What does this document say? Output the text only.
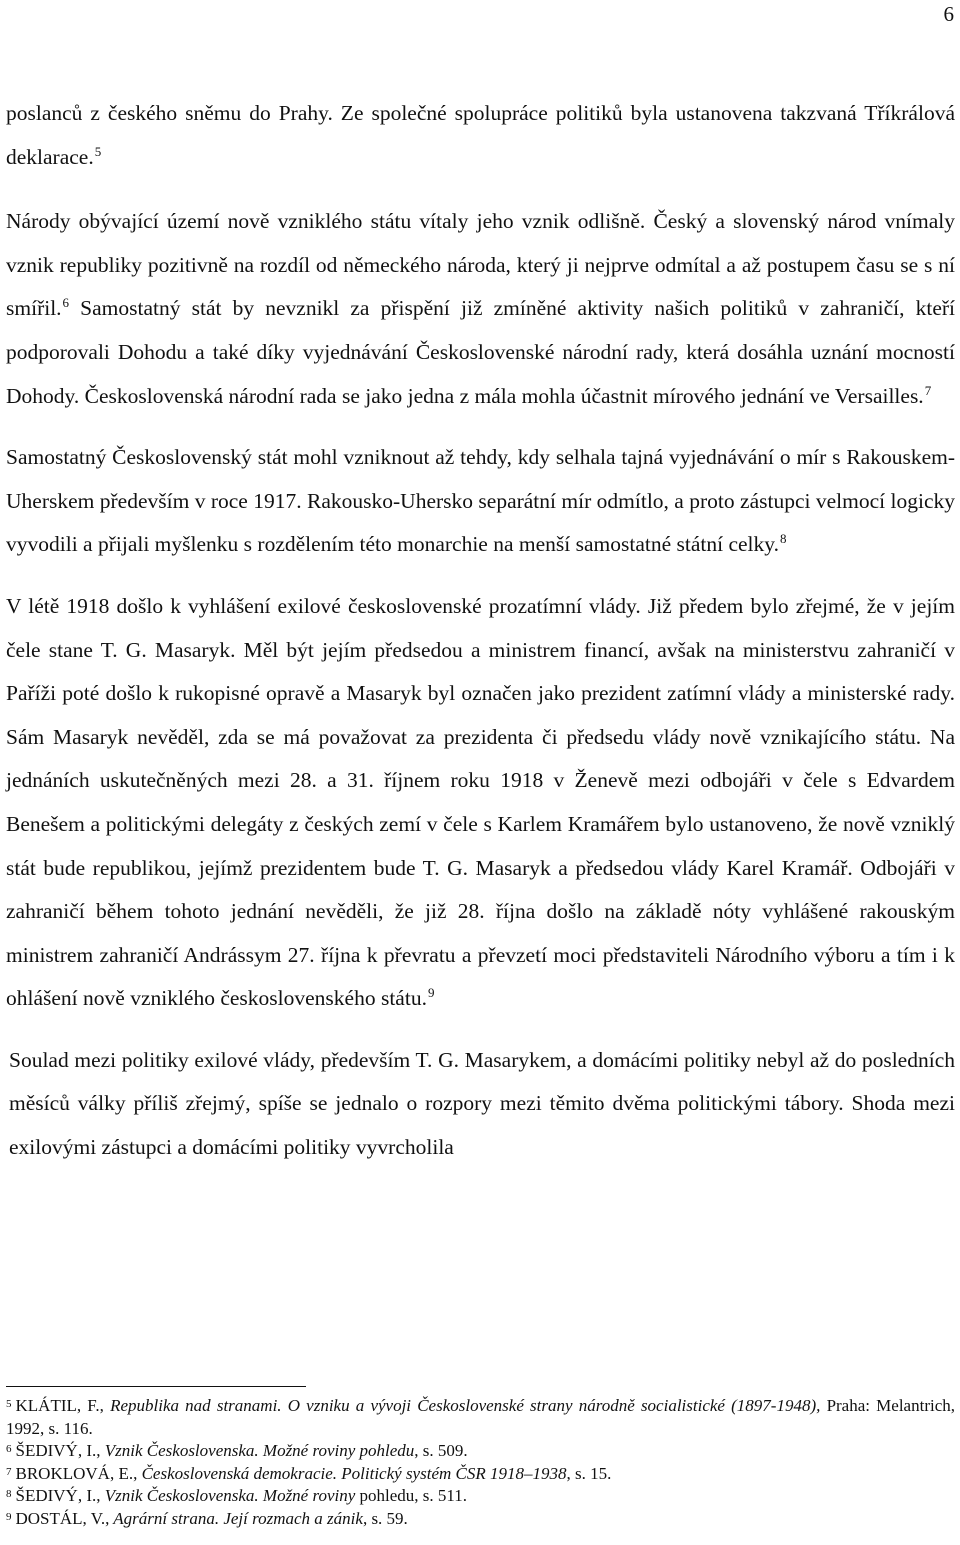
6

poslanců z českého sněmu do Prahy. Ze společné spolupráce politiků byla ustanovena takzvaná Tříkrálová deklarace.$^5$

Národy obývající území nově vzniklého státu vítaly jeho vznik odlišně. Český a slovenský národ vnímaly vznik republiky pozitivně na rozdíl od německého národa, který ji nejprve odmítal a až postupem času se s ní smířil.$^6$ Samostatný stát by nevznikl za přispění již zmíněné aktivity našich politiků v zahraničí, kteří podporovali Dohodu a také díky vyjednávání Československé národní rady, která dosáhla uznání mocností Dohody. Československá národní rada se jako jedna z mála mohla účastnit mírového jednání ve Versailles.$^7$

Samostatný Československý stát mohl vzniknout až tehdy, kdy selhala tajná vyjednávání o mír s Rakouskem-Uherskem především v roce 1917. Rakousko-Uhersko separátní mír odmítlo, a proto zástupci velmocí logicky vyvodili a přijali myšlenku s rozdělením této monarchie na menší samostatné státní celky.$^8$

V létě 1918 došlo k vyhlášení exilové československé prozatímní vlády. Již předem bylo zřejmé, že v jejím čele stane T. G. Masaryk. Měl být jejím předsedou a ministrem financí, avšak na ministerstvu zahraničí v Paříži poté došlo k rukopisné opravě a Masaryk byl označen jako prezident zatímní vlády a ministerské rady. Sám Masaryk nevěděl, zda se má považovat za prezidenta či předsedu vlády nově vznikajícího státu. Na jednáních uskutečněných mezi 28. a 31. říjnem roku 1918 v Ženevě mezi odbojáři v čele s Edvardem Benešem a politickými delegáty z českých zemí v čele s Karlem Kramářem bylo ustanoveno, že nově vzniklý stát bude republikou, jejímž prezidentem bude T. G. Masaryk a předsedou vlády Karel Kramář. Odbojáři v zahraničí během tohoto jednání nevěděli, že již 28. října došlo na základě nóty vyhlášené rakouským ministrem zahraničí Andrássym 27. října k převratu a převzetí moci představiteli Národního výboru a tím i k ohlášení nově vzniklého československého státu.$^9$

Soulad mezi politiky exilové vlády, především T. G. Masarykem, a domácími politiky nebyl až do posledních měsíců války příliš zřejmý, spíše se jednalo o rozpory mezi těmito dvěma politickými tábory. Shoda mezi exilovými zástupci a domácími politiky vyvrcholila

$^5$ KLÁTIL, F., Republika nad stranami. O vzniku a vývoji Československé strany národně socialistické (1897-1948), Praha: Melantrich, 1992, s. 116.

$^6$ ŠEDIVÝ, I., Vznik Československa. Možné roviny pohledu, s. 509.

$^7$ BROKLOVÁ, E., Československá demokracie. Politický systém ČSR 1918–1938, s. 15.

$^8$ ŠEDIVÝ, I., Vznik Československa. Možné roviny pohledu, s. 511.

$^9$ DOSTÁL, V., Agrární strana. Její rozmach a zánik, s. 59.
